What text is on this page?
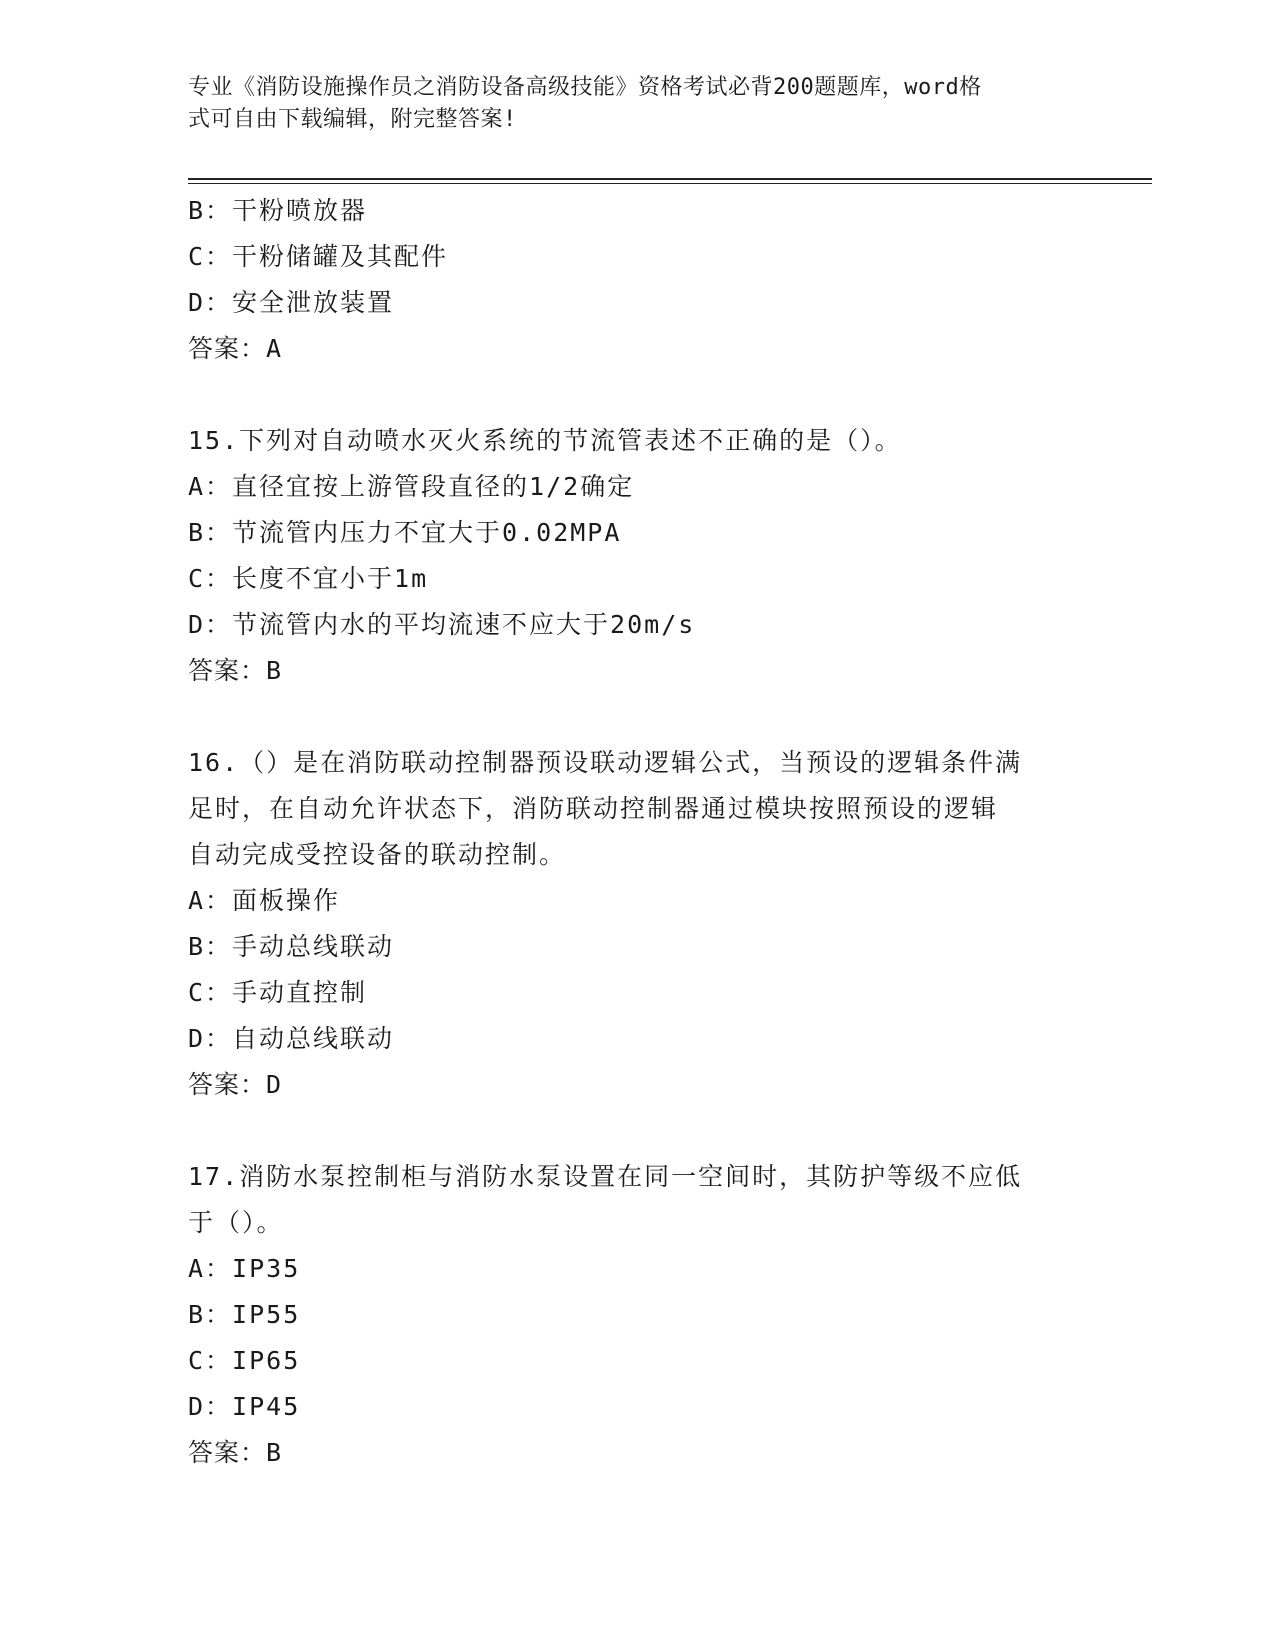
专业《消防设施操作员之消防设备高级技能》资格考试必背200题题库，word格
式可自由下载编辑，附完整答案!
B：干粉喷放器
C：干粉储罐及其配件
D：安全泄放装置
答案：A
15.下列对自动喷水灭火系统的节流管表述不正确的是（）。
A：直径宜按上游管段直径的1/2确定
B：节流管内压力不宜大于0.02MPA
C：长度不宜小于1m
D：节流管内水的平均流速不应大于20m/s
答案：B
16.（）是在消防联动控制器预设联动逻辑公式，当预设的逻辑条件满
足时，在自动允许状态下，消防联动控制器通过模块按照预设的逻辑
自动完成受控设备的联动控制。
A：面板操作
B：手动总线联动
C：手动直控制
D：自动总线联动
答案：D
17.消防水泵控制柜与消防水泵设置在同一空间时，其防护等级不应低
于（）。
A：IP35
B：IP55
C：IP65
D：IP45
答案：B
